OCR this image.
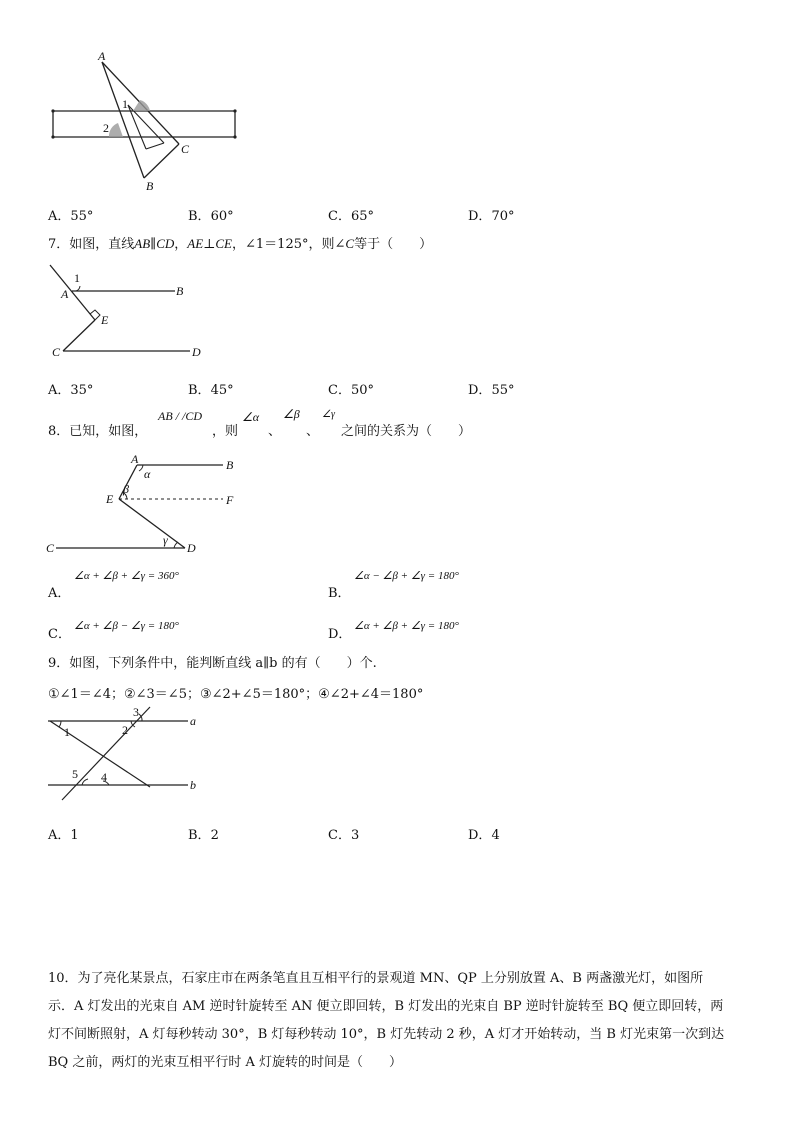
A
1
2
C
B
A．55°	B．60°	C．65°	D．70°
7．如图，直线AB∥CD，AE⊥CE，∠1＝125°，则∠C等于（　　）
1
A	B
E
C	D
A．35°	B．45°	C．50°	D．55°
8．已知，如图，
AB / /CD
，则
∠α
、
∠β
、
∠γ
之间的关系为（　　）
A	B
α
β
E	F
C
γ
D
A．
∠α + ∠β + ∠γ = 360°
B．
∠α − ∠β + ∠γ = 180°
C．
∠α + ∠β − ∠γ = 180°
D．
∠α + ∠β + ∠γ = 180°
9．如图，下列条件中，能判断直线 a∥b 的有（　　）个.
①∠1＝∠4；②∠3＝∠5；③∠2+∠5＝180°；④∠2+∠4＝180°
3
a
1	2
5 4
b
A．1	B．2	C．3	D．4
10．为了亮化某景点，石家庄市在两条笔直且互相平行的景观道 MN、QP 上分别放置 A、B 两盏激光灯，如图所
示．A 灯发出的光束自 AM 逆时针旋转至 AN 便立即回转，B 灯发出的光束自 BP 逆时针旋转至 BQ 便立即回转，两
灯不间断照射，A 灯每秒转动 30°，B 灯每秒转动 10°，B 灯先转动 2 秒，A 灯才开始转动，当 B 灯光束第一次到达
BQ 之前，两灯的光束互相平行时 A 灯旋转的时间是（　　）
